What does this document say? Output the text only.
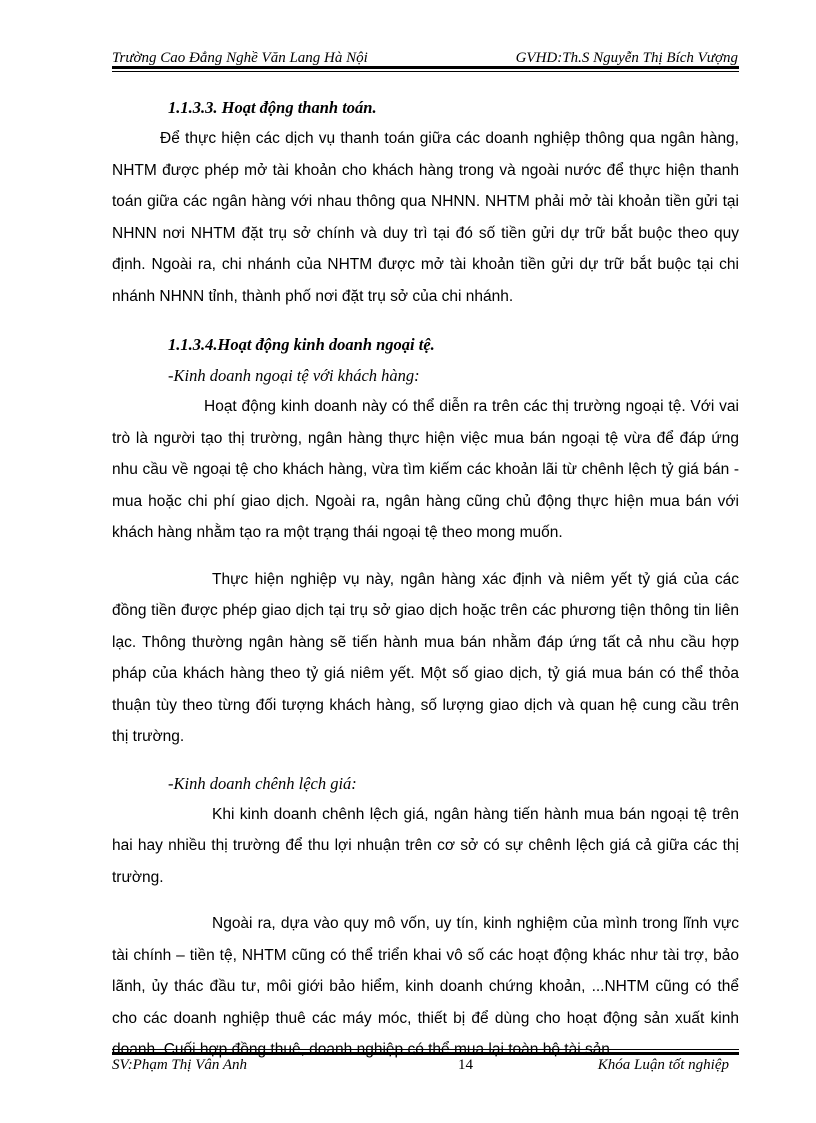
Trường Cao Đẳng Nghề Văn Lang Hà Nội	GVHD:Th.S Nguyễn Thị Bích Vượng

1.1.3.3. Hoạt động thanh toán.

Để thực hiện các dịch vụ thanh toán giữa các doanh nghiệp thông qua ngân hàng, NHTM được phép mở tài khoản cho khách hàng trong và ngoài nước để thực hiện thanh toán giữa các ngân hàng với nhau thông qua NHNN. NHTM phải mở tài khoản tiền gửi tại NHNN nơi NHTM đặt trụ sở chính và duy trì tại đó số tiền gửi dự trữ bắt buộc theo quy định. Ngoài ra, chi nhánh của NHTM được mở tài khoản tiền gửi dự trữ bắt buộc tại chi nhánh NHNN tỉnh, thành phố nơi đặt trụ sở của chi nhánh.

1.1.3.4.Hoạt động kinh doanh ngoại tệ.

-Kinh doanh ngoại tệ với khách hàng:

Hoạt động kinh doanh này có thể diễn ra trên các thị trường ngoại tệ. Với vai trò là người tạo thị trường, ngân hàng thực hiện việc mua bán ngoại tệ vừa để đáp ứng nhu cầu về ngoại tệ cho khách hàng, vừa tìm kiếm các khoản lãi từ chênh lệch tỷ giá bán - mua hoặc chi phí giao dịch. Ngoài ra, ngân hàng cũng chủ động thực hiện mua bán với khách hàng nhằm tạo ra một trạng thái ngoại tệ theo mong muốn.

Thực hiện nghiệp vụ này, ngân hàng xác định và niêm yết tỷ giá của các đồng tiền được phép giao dịch tại trụ sở giao dịch hoặc trên các phương tiện thông tin liên lạc. Thông thường ngân hàng sẽ tiến hành mua bán nhằm đáp ứng tất cả nhu cầu hợp pháp của khách hàng theo tỷ giá niêm yết. Một số giao dịch, tỷ giá mua bán có thể thỏa thuận tùy theo từng đối tượng khách hàng, số lượng giao dịch và quan hệ cung cầu trên thị trường.

-Kinh doanh chênh lệch giá:

Khi kinh doanh chênh lệch giá, ngân hàng tiến hành mua bán ngoại tệ trên hai hay nhiều thị trường để thu lợi nhuận trên cơ sở có sự chênh lệch giá cả giữa các thị trường.

Ngoài ra, dựa vào quy mô vốn, uy tín, kinh nghiệm của mình trong lĩnh vực tài chính – tiền tệ, NHTM cũng có thể triển khai vô số các hoạt động khác như tài trợ, bảo lãnh, ủy thác đầu tư, môi giới bảo hiểm, kinh doanh chứng khoản, ...NHTM cũng có thể cho các doanh nghiệp thuê các máy móc, thiết bị để dùng cho hoạt động sản xuất kinh

SV:Phạm Thị Vân Anh	14	Khóa Luận tốt nghiệp
